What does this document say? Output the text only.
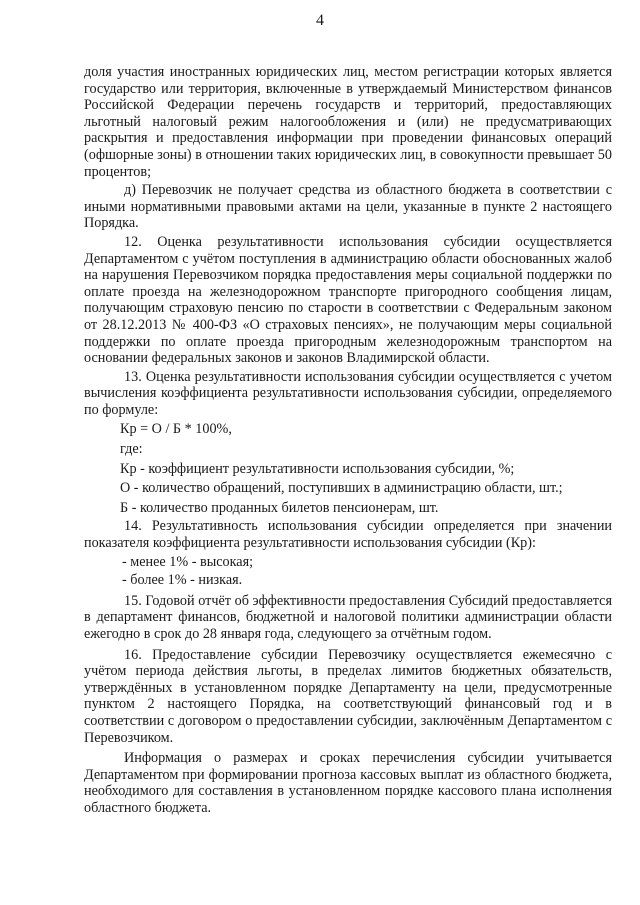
4

доля участия иностранных юридических лиц, местом регистрации которых является государство или территория, включенные в утверждаемый Министерством финансов Российской Федерации перечень государств и территорий, предоставляющих льготный налоговый режим налогообложения и (или) не предусматривающих раскрытия и предоставления информации при проведении финансовых операций (офшорные зоны) в отношении таких юридических лиц, в совокупности превышает 50 процентов;

д) Перевозчик не получает средства из областного бюджета в соответствии с иными нормативными правовыми актами на цели, указанные в пункте 2 настоящего Порядка.

12. Оценка результативности использования субсидии осуществляется Департаментом с учётом поступления в администрацию области обоснованных жалоб на нарушения Перевозчиком порядка предоставления меры социальной поддержки по оплате проезда на железнодорожном транспорте пригородного сообщения лицам, получающим страховую пенсию по старости в соответствии с Федеральным законом от 28.12.2013 № 400-ФЗ «О страховых пенсиях», не получающим меры социальной поддержки по оплате проезда пригородным железнодорожным транспортом на основании федеральных законов и законов Владимирской области.

13. Оценка результативности использования субсидии осуществляется с учетом вычисления коэффициента результативности использования субсидии, определяемого по формуле:

Кр = О / Б * 100%,

где:

Кр - коэффициент результативности использования субсидии, %;

О - количество обращений, поступивших в администрацию области, шт.;

Б - количество проданных билетов пенсионерам, шт.

14. Результативность использования субсидии определяется при значении показателя коэффициента результативности использования субсидии (Кр):

- менее 1% - высокая;

- более 1% - низкая.

15. Годовой отчёт об эффективности предоставления Субсидий предоставляется в департамент финансов, бюджетной и налоговой политики администрации области ежегодно в срок до 28 января года, следующего за отчётным годом.

16. Предоставление субсидии Перевозчику осуществляется ежемесячно с учётом периода действия льготы, в пределах лимитов бюджетных обязательств, утверждённых в установленном порядке Департаменту на цели, предусмотренные пунктом 2 настоящего Порядка, на соответствующий финансовый год и в соответствии с договором о предоставлении субсидии, заключённым Департаментом с Перевозчиком.

Информация о размерах и сроках перечисления субсидии учитывается Департаментом при формировании прогноза кассовых выплат из областного бюджета, необходимого для составления в установленном порядке кассового плана исполнения областного бюджета.
